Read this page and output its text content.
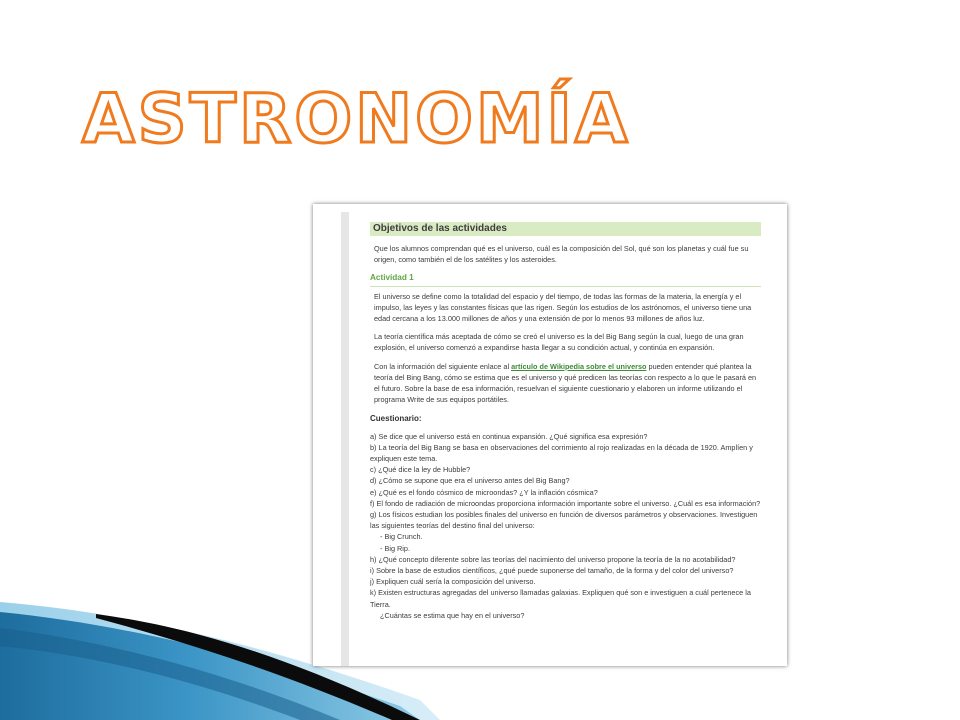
ASTRONOMÍA
Objetivos de las actividades

Que los alumnos comprendan qué es el universo, cuál es la composición del Sol, qué son los planetas y cuál fue su origen, como también el de los satélites y los asteroides.

Actividad 1

El universo se define como la totalidad del espacio y del tiempo, de todas las formas de la materia, la energía y el impulso, las leyes y las constantes físicas que las rigen. Según los estudios de los astrónomos, el universo tiene una edad cercana a los 13.000 millones de años y una extensión de por lo menos 93 millones de años luz.

La teoría científica más aceptada de cómo se creó el universo es la del Big Bang según la cual, luego de una gran explosión, el universo comenzó a expandirse hasta llegar a su condición actual, y continúa en expansión.

Con la información del siguiente enlace al artículo de Wikipedia sobre el universo pueden entender qué plantea la teoría del Bing Bang, cómo se estima que es el universo y qué predicen las teorías con respecto a lo que le pasará en el futuro. Sobre la base de esa información, resuelvan el siguiente cuestionario y elaboren un informe utilizando el programa Write de sus equipos portátiles.

Cuestionario:
a) Se dice que el universo está en continua expansión. ¿Qué significa esa expresión?
b) La teoría del Big Bang se basa en observaciones del corrimiento al rojo realizadas en la década de 1920. Amplíen y expliquen este tema.
c) ¿Qué dice la ley de Hubble?
d) ¿Cómo se supone que era el universo antes del Big Bang?
e) ¿Qué es el fondo cósmico de microondas? ¿Y la inflación cósmica?
f) El fondo de radiación de microondas proporciona información importante sobre el universo. ¿Cuál es esa información?
g) Los físicos estudian los posibles finales del universo en función de diversos parámetros y observaciones. Investiguen las siguientes teorías del destino final del universo:
- Big Crunch.
- Big Rip.
h) ¿Qué concepto diferente sobre las teorías del nacimiento del universo propone la teoría de la no acotabilidad?
i) Sobre la base de estudios científicos, ¿qué puede suponerse del tamaño, de la forma y del color del universo?
j) Expliquen cuál sería la composición del universo.
k) Existen estructuras agregadas del universo llamadas galaxias. Expliquen qué son e investiguen a cuál pertenece la Tierra.
¿Cuántas se estima que hay en el universo?
